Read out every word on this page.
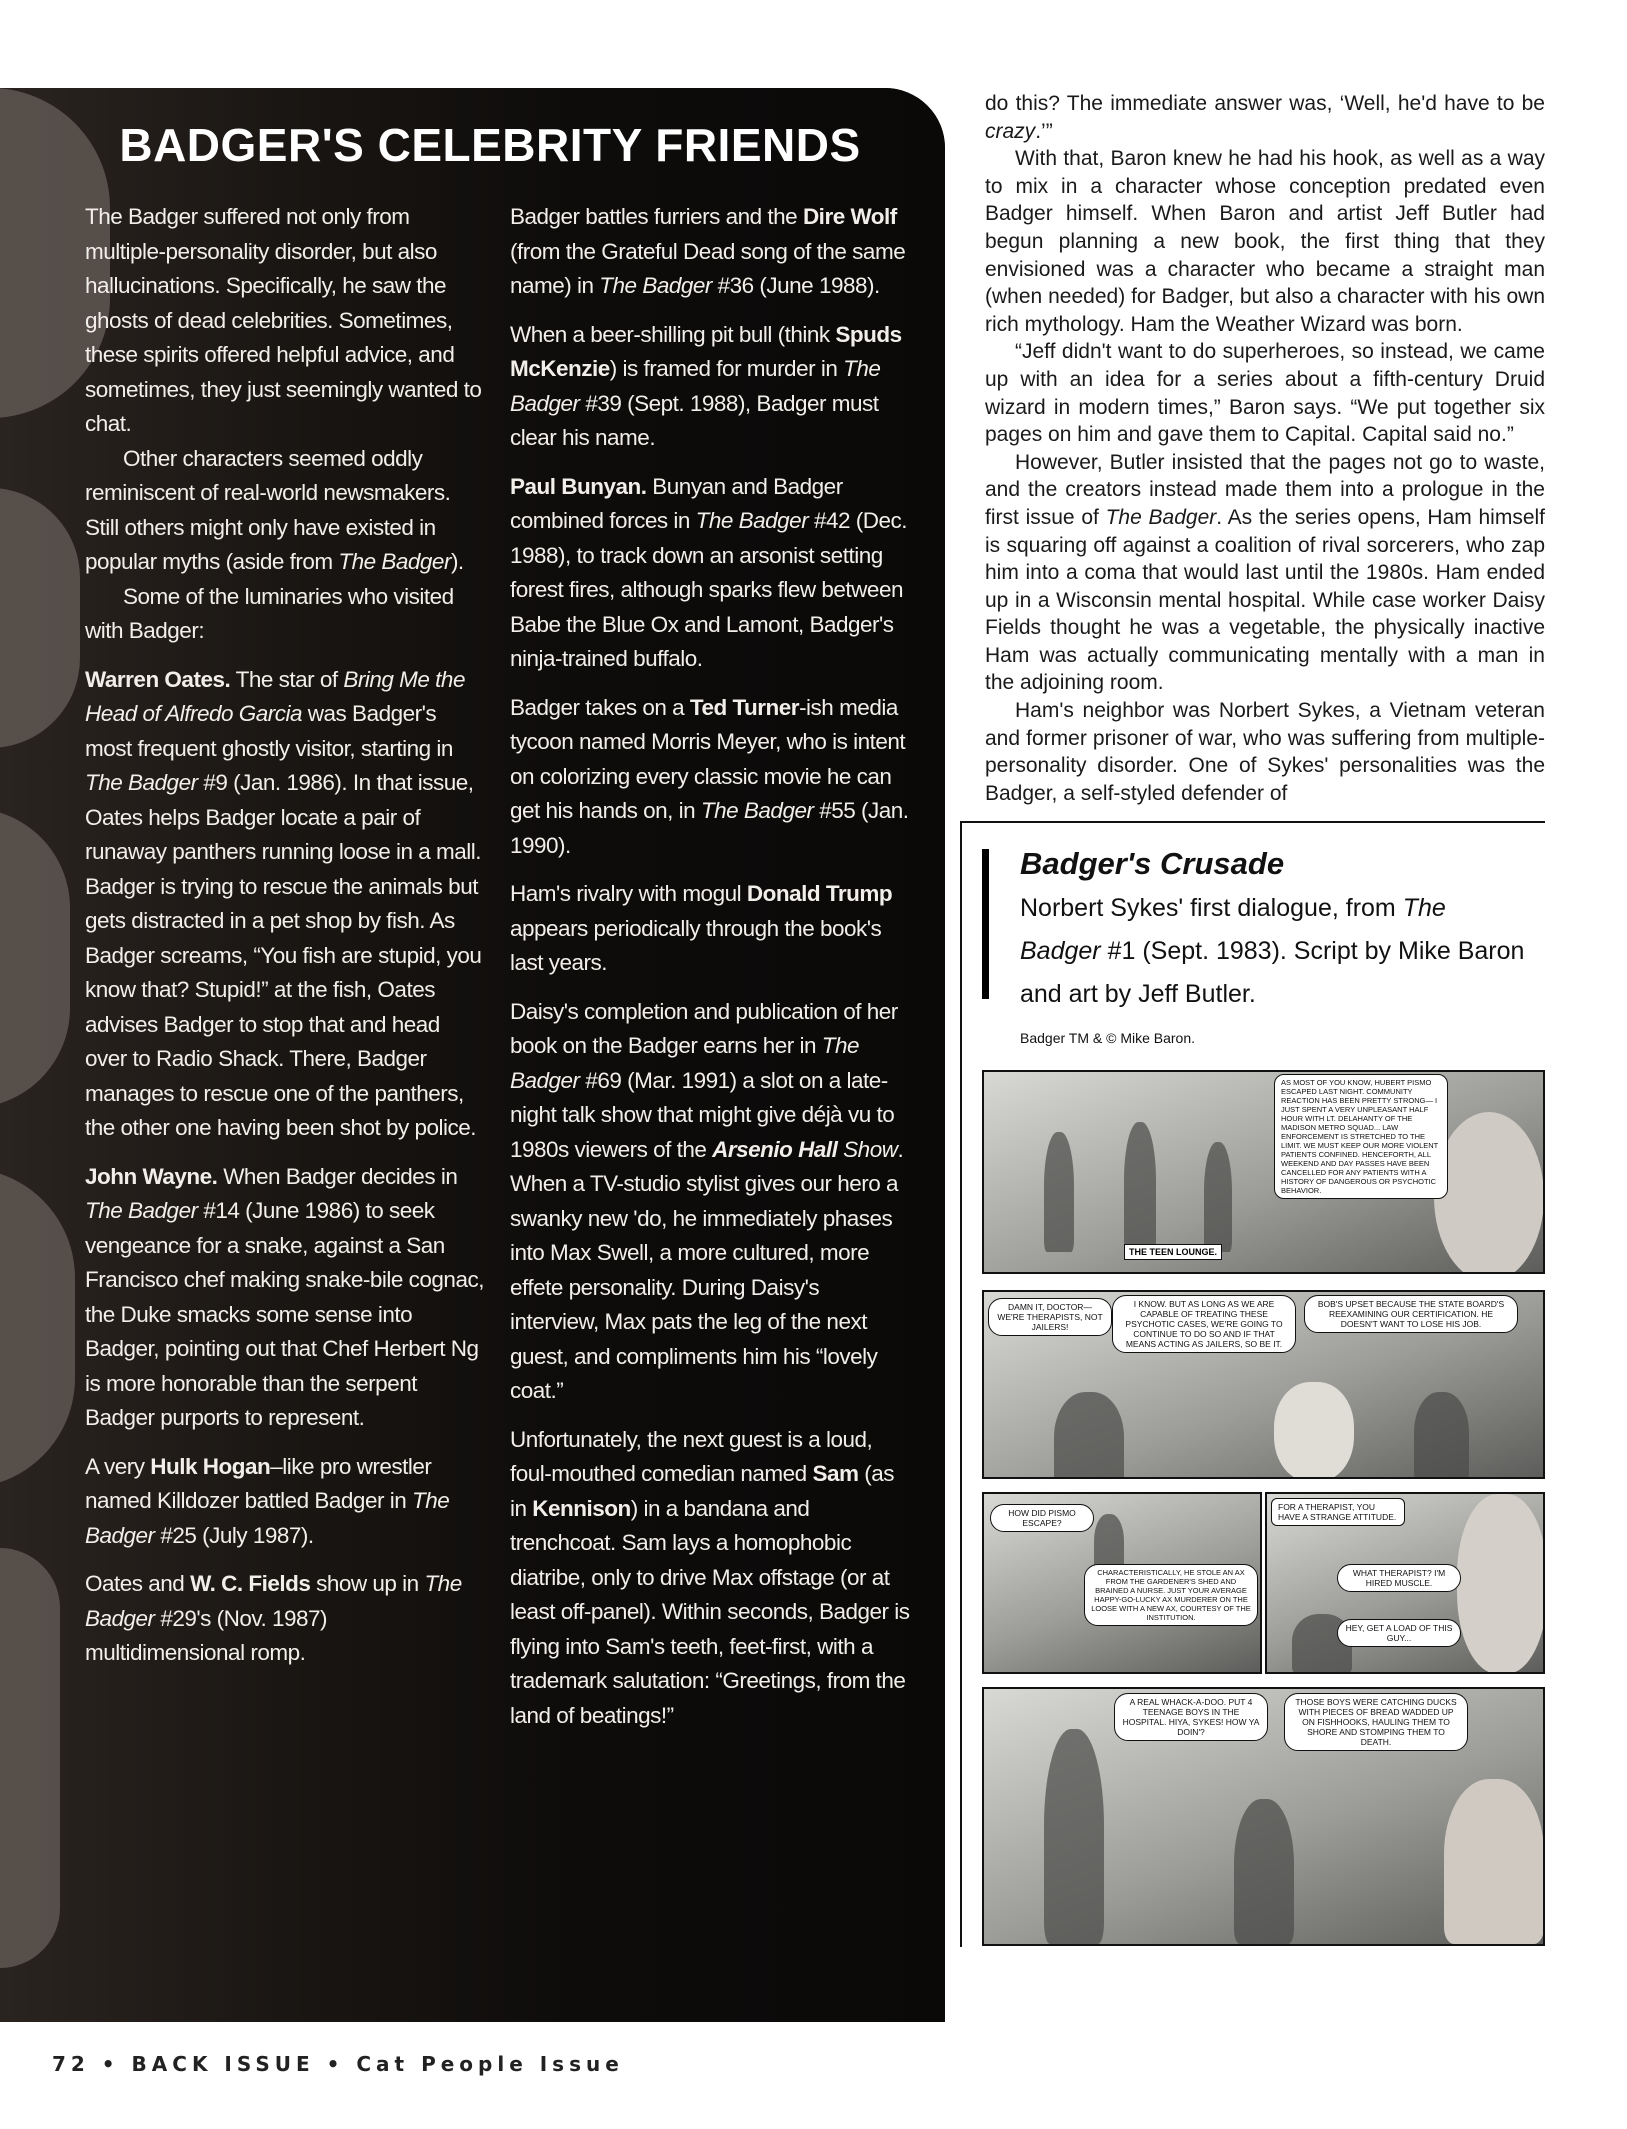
BADGER'S CELEBRITY FRIENDS

The Badger suffered not only from multiple-personality disorder, but also hallucinations. Specifically, he saw the ghosts of dead celebrities. Sometimes, these spirits offered helpful advice, and sometimes, they just seemingly wanted to chat.

Other characters seemed oddly reminiscent of real-world newsmakers. Still others might only have existed in popular myths (aside from The Badger).

Some of the luminaries who visited with Badger:

Warren Oates. The star of Bring Me the Head of Alfredo Garcia was Badger's most frequent ghostly visitor, starting in The Badger #9 (Jan. 1986). In that issue, Oates helps Badger locate a pair of runaway panthers running loose in a mall. Badger is trying to rescue the animals but gets distracted in a pet shop by fish. As Badger screams, “You fish are stupid, you know that? Stupid!” at the fish, Oates advises Badger to stop that and head over to Radio Shack. There, Badger manages to rescue one of the panthers, the other one having been shot by police.

John Wayne. When Badger decides in The Badger #14 (June 1986) to seek vengeance for a snake, against a San Francisco chef making snake-bile cognac, the Duke smacks some sense into Badger, pointing out that Chef Herbert Ng is more honorable than the serpent Badger purports to represent.

A very Hulk Hogan–like pro wrestler named Killdozer battled Badger in The Badger #25 (July 1987).

Oates and W. C. Fields show up in The Badger #29's (Nov. 1987) multidimensional romp.

Badger battles furriers and the Dire Wolf (from the Grateful Dead song of the same name) in The Badger #36 (June 1988).

When a beer-shilling pit bull (think Spuds McKenzie) is framed for murder in The Badger #39 (Sept. 1988), Badger must clear his name.

Paul Bunyan. Bunyan and Badger combined forces in The Badger #42 (Dec. 1988), to track down an arsonist setting forest fires, although sparks flew between Babe the Blue Ox and Lamont, Badger's ninja-trained buffalo.

Badger takes on a Ted Turner-ish media tycoon named Morris Meyer, who is intent on colorizing every classic movie he can get his hands on, in The Badger #55 (Jan. 1990).

Ham's rivalry with mogul Donald Trump appears periodically through the book's last years.

Daisy's completion and publication of her book on the Badger earns her in The Badger #69 (Mar. 1991) a slot on a late-night talk show that might give déjà vu to 1980s viewers of the Arsenio Hall Show. When a TV-studio stylist gives our hero a swanky new 'do, he immediately phases into Max Swell, a more cultured, more effete personality. During Daisy's interview, Max pats the leg of the next guest, and compliments him his “lovely coat.”

Unfortunately, the next guest is a loud, foul-mouthed comedian named Sam (as in Kennison) in a bandana and trenchcoat. Sam lays a homophobic diatribe, only to drive Max offstage (or at least off-panel). Within seconds, Badger is flying into Sam's teeth, feet-first, with a trademark salutation: “Greetings, from the land of beatings!”

do this? The immediate answer was, ‘Well, he'd have to be crazy.’”

With that, Baron knew he had his hook, as well as a way to mix in a character whose conception predated even Badger himself. When Baron and artist Jeff Butler had begun planning a new book, the first thing that they envisioned was a character who became a straight man (when needed) for Badger, but also a character with his own rich mythology. Ham the Weather Wizard was born.

“Jeff didn't want to do superheroes, so instead, we came up with an idea for a series about a fifth-century Druid wizard in modern times,” Baron says. “We put together six pages on him and gave them to Capital. Capital said no.”

However, Butler insisted that the pages not go to waste, and the creators instead made them into a prologue in the first issue of The Badger. As the series opens, Ham himself is squaring off against a coalition of rival sorcerers, who zap him into a coma that would last until the 1980s. Ham ended up in a Wisconsin mental hospital. While case worker Daisy Fields thought he was a vegetable, the physically inactive Ham was actually communicating mentally with a man in the adjoining room.

Ham's neighbor was Norbert Sykes, a Vietnam veteran and former prisoner of war, who was suffering from multiple-personality disorder. One of Sykes' personalities was the Badger, a self-styled defender of

Badger's Crusade
Norbert Sykes' first dialogue, from The Badger #1 (Sept. 1983). Script by Mike Baron and art by Jeff Butler.
Badger TM & © Mike Baron.
THE TEEN LOUNGE.
AS MOST OF YOU KNOW, HUBERT PISMO ESCAPED LAST NIGHT. COMMUNITY REACTION HAS BEEN PRETTY STRONG— I JUST SPENT A VERY UNPLEASANT HALF HOUR WITH LT. DELAHANTY OF THE MADISON METRO SQUAD... LAW ENFORCEMENT IS STRETCHED TO THE LIMIT. WE MUST KEEP OUR MORE VIOLENT PATIENTS CONFINED. HENCEFORTH, ALL WEEKEND AND DAY PASSES HAVE BEEN CANCELLED FOR ANY PATIENTS WITH A HISTORY OF DANGEROUS OR PSYCHOTIC BEHAVIOR.
DAMN IT, DOCTOR— WE'RE THERAPISTS, NOT JAILERS!
I KNOW. BUT AS LONG AS WE ARE CAPABLE OF TREATING THESE PSYCHOTIC CASES, WE'RE GOING TO CONTINUE TO DO SO AND IF THAT MEANS ACTING AS JAILERS, SO BE IT.
BOB'S UPSET BECAUSE THE STATE BOARD'S REEXAMINING OUR CERTIFICATION. HE DOESN'T WANT TO LOSE HIS JOB.
HOW DID PISMO ESCAPE?
CHARACTERISTICALLY, HE STOLE AN AX FROM THE GARDENER'S SHED AND BRAINED A NURSE. JUST YOUR AVERAGE HAPPY-GO-LUCKY AX MURDERER ON THE LOOSE WITH A NEW AX, COURTESY OF THE INSTITUTION.
FOR A THERAPIST, YOU HAVE A STRANGE ATTITUDE.
WHAT THERAPIST? I'M HIRED MUSCLE.
HEY, GET A LOAD OF THIS GUY...
A REAL WHACK-A-DOO. PUT 4 TEENAGE BOYS IN THE HOSPITAL. HIYA, SYKES! HOW YA DOIN'?
THOSE BOYS WERE CATCHING DUCKS WITH PIECES OF BREAD WADDED UP ON FISHHOOKS, HAULING THEM TO SHORE AND STOMPING THEM TO DEATH.
72 • BACK ISSUE • Cat People Issue
